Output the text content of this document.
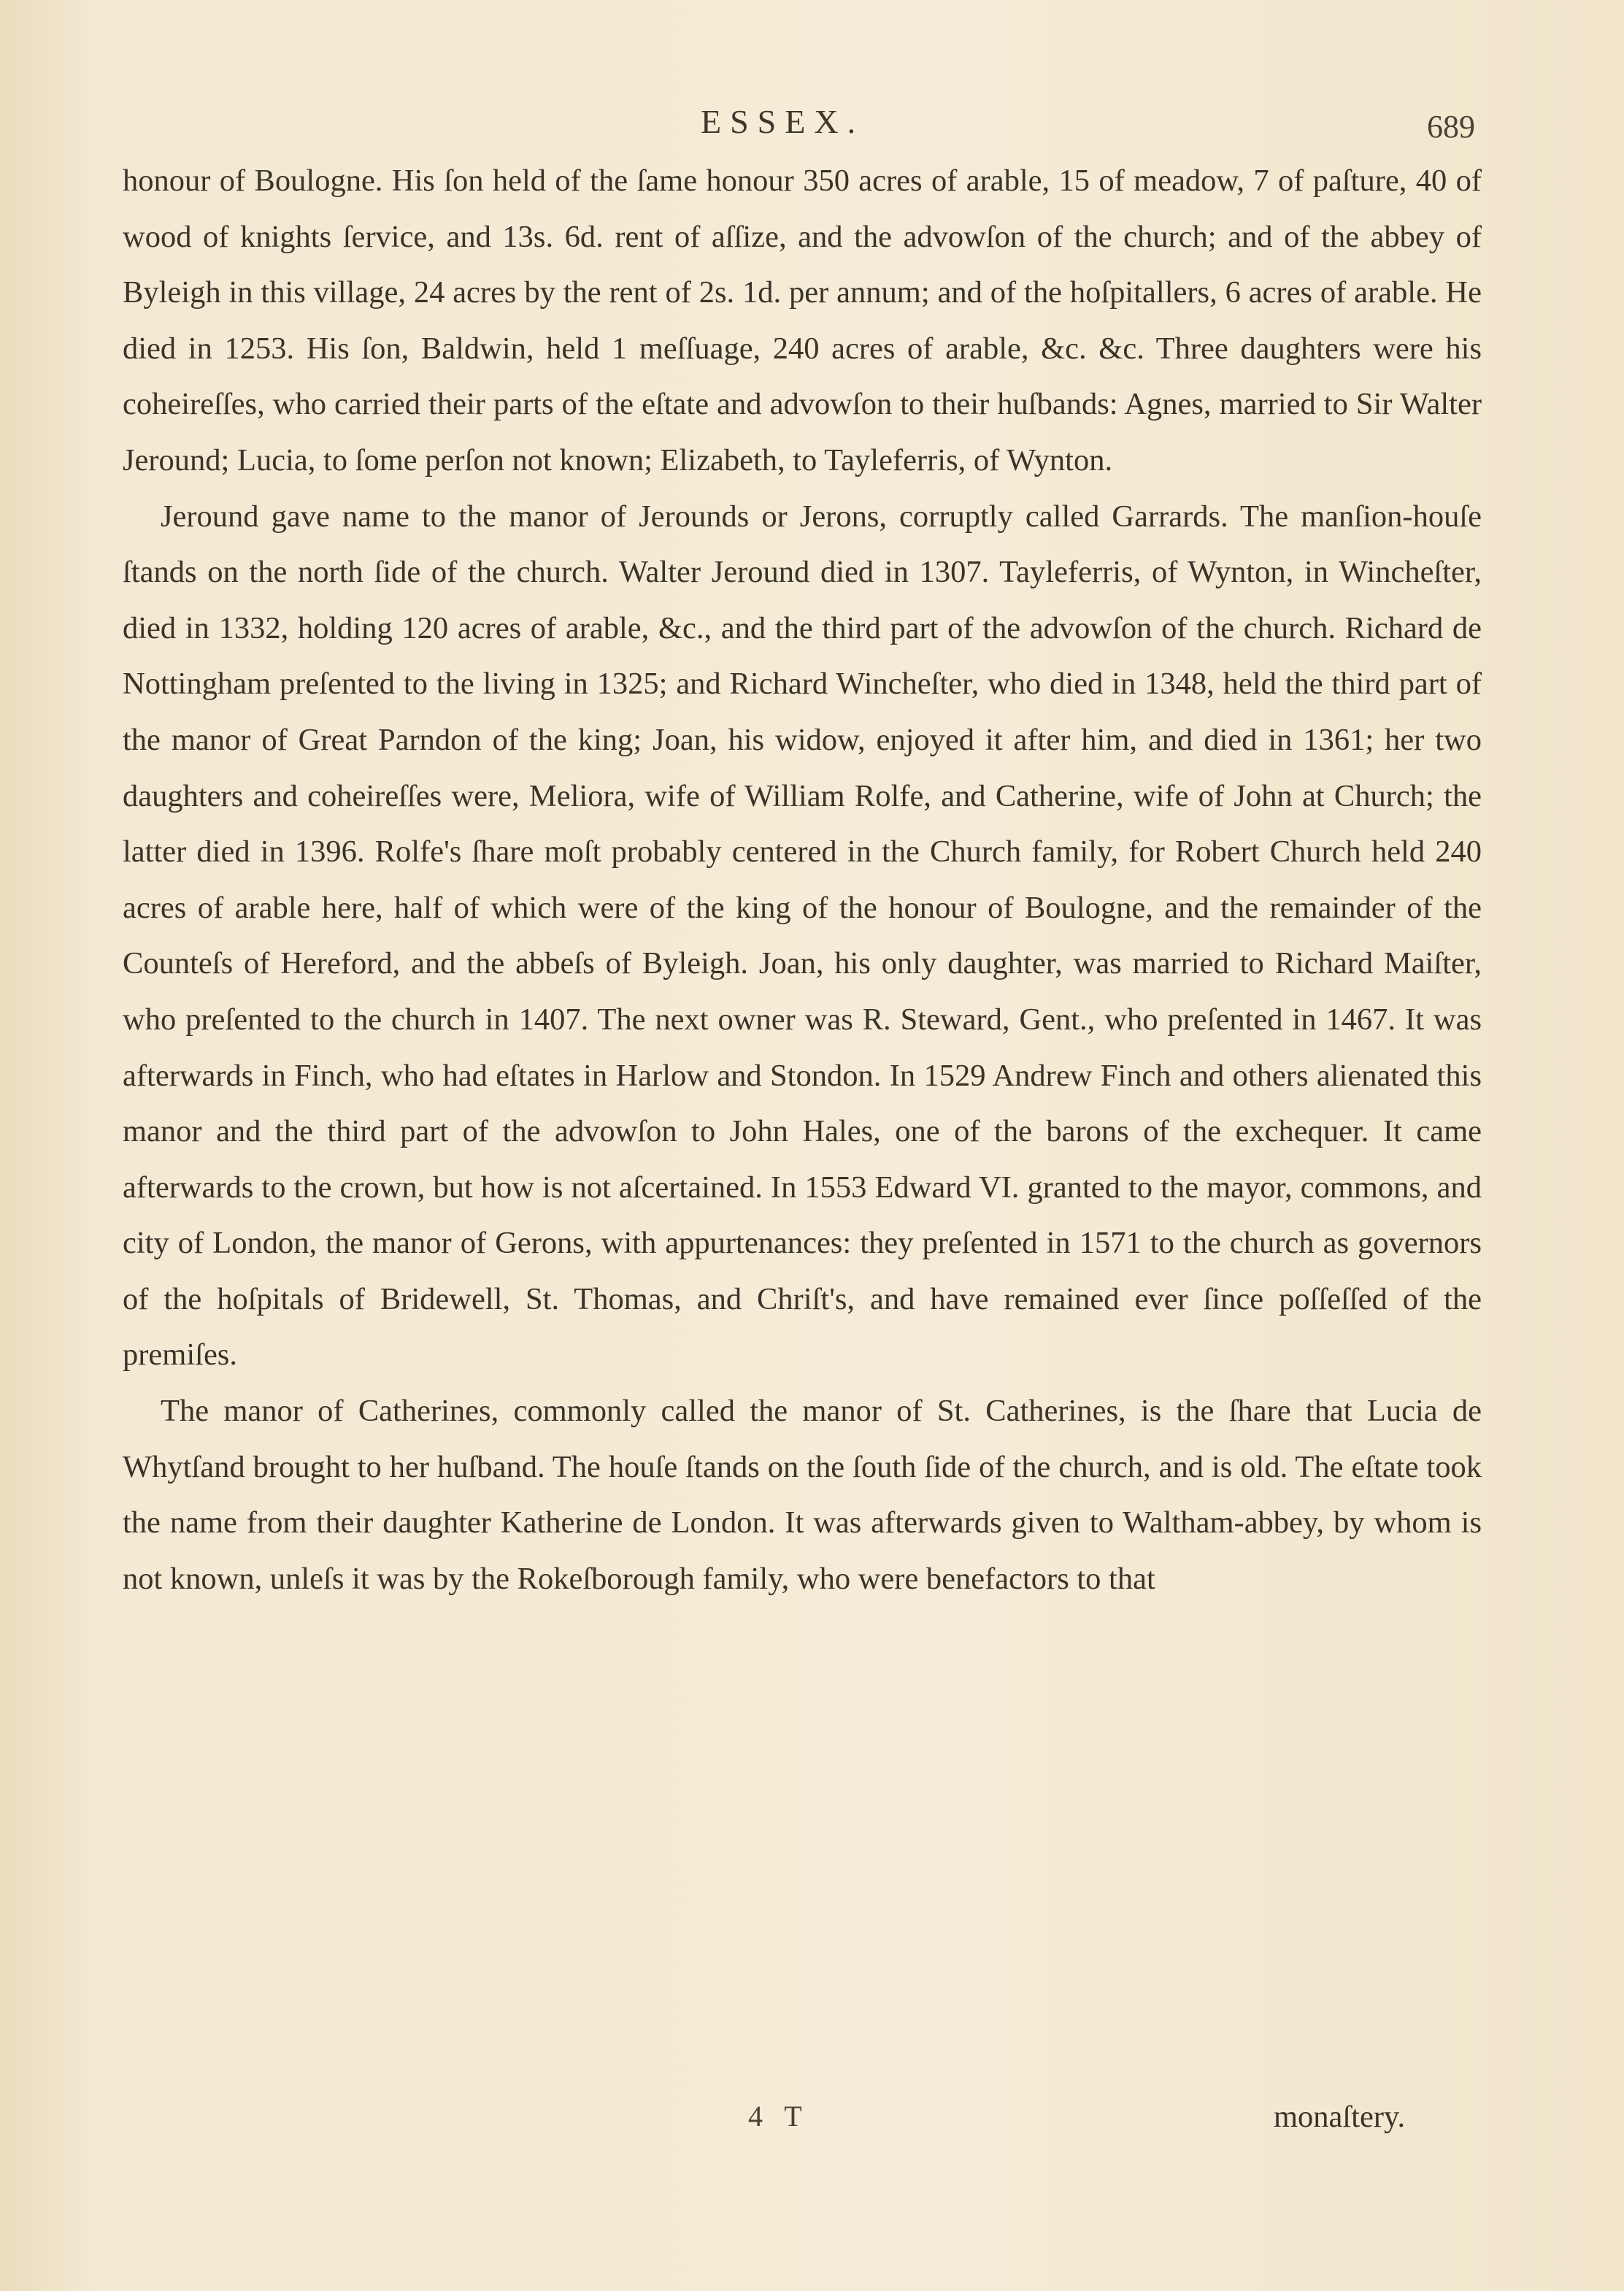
ESSEX.	689

honour of Boulogne. His ſon held of the ſame honour 350 acres of arable, 15 of meadow, 7 of paſture, 40 of wood of knights ſervice, and 13s. 6d. rent of aſſize, and the advowſon of the church; and of the abbey of Byleigh in this village, 24 acres by the rent of 2s. 1d. per annum; and of the hoſpitallers, 6 acres of arable. He died in 1253. His ſon, Baldwin, held 1 meſſuage, 240 acres of arable, &c. &c. Three daughters were his coheireſſes, who carried their parts of the eſtate and advowſon to their huſbands: Agnes, married to Sir Walter Jeround; Lucia, to ſome perſon not known; Elizabeth, to Tayleferris, of Wynton.

Jeround gave name to the manor of Jerounds or Jerons, corruptly called Garrards. The manſion-houſe ſtands on the north ſide of the church. Walter Jeround died in 1307. Tayleferris, of Wynton, in Wincheſter, died in 1332, holding 120 acres of arable, &c., and the third part of the advowſon of the church. Richard de Nottingham preſented to the living in 1325; and Richard Wincheſter, who died in 1348, held the third part of the manor of Great Parndon of the king; Joan, his widow, enjoyed it after him, and died in 1361; her two daughters and coheireſſes were, Meliora, wife of William Rolfe, and Catherine, wife of John at Church; the latter died in 1396. Rolfe's ſhare moſt probably centered in the Church family, for Robert Church held 240 acres of arable here, half of which were of the king of the honour of Boulogne, and the remainder of the Counteſs of Hereford, and the abbeſs of Byleigh. Joan, his only daughter, was married to Richard Maiſter, who preſented to the church in 1407. The next owner was R. Steward, Gent., who preſented in 1467. It was afterwards in Finch, who had eſtates in Harlow and Stondon. In 1529 Andrew Finch and others alienated this manor and the third part of the advowſon to John Hales, one of the barons of the exchequer. It came afterwards to the crown, but how is not aſcertained. In 1553 Edward VI. granted to the mayor, commons, and city of London, the manor of Gerons, with appurtenances: they preſented in 1571 to the church as governors of the hoſpitals of Bridewell, St. Thomas, and Chriſt's, and have remained ever ſince poſſeſſed of the premiſes.

The manor of Catherines, commonly called the manor of St. Catherines, is the ſhare that Lucia de Whytſand brought to her huſband. The houſe ſtands on the ſouth ſide of the church, and is old. The eſtate took the name from their daughter Katherine de London. It was afterwards given to Waltham-abbey, by whom is not known, unleſs it was by the Rokeſborough family, who were benefactors to that

4 T	monaſtery.
